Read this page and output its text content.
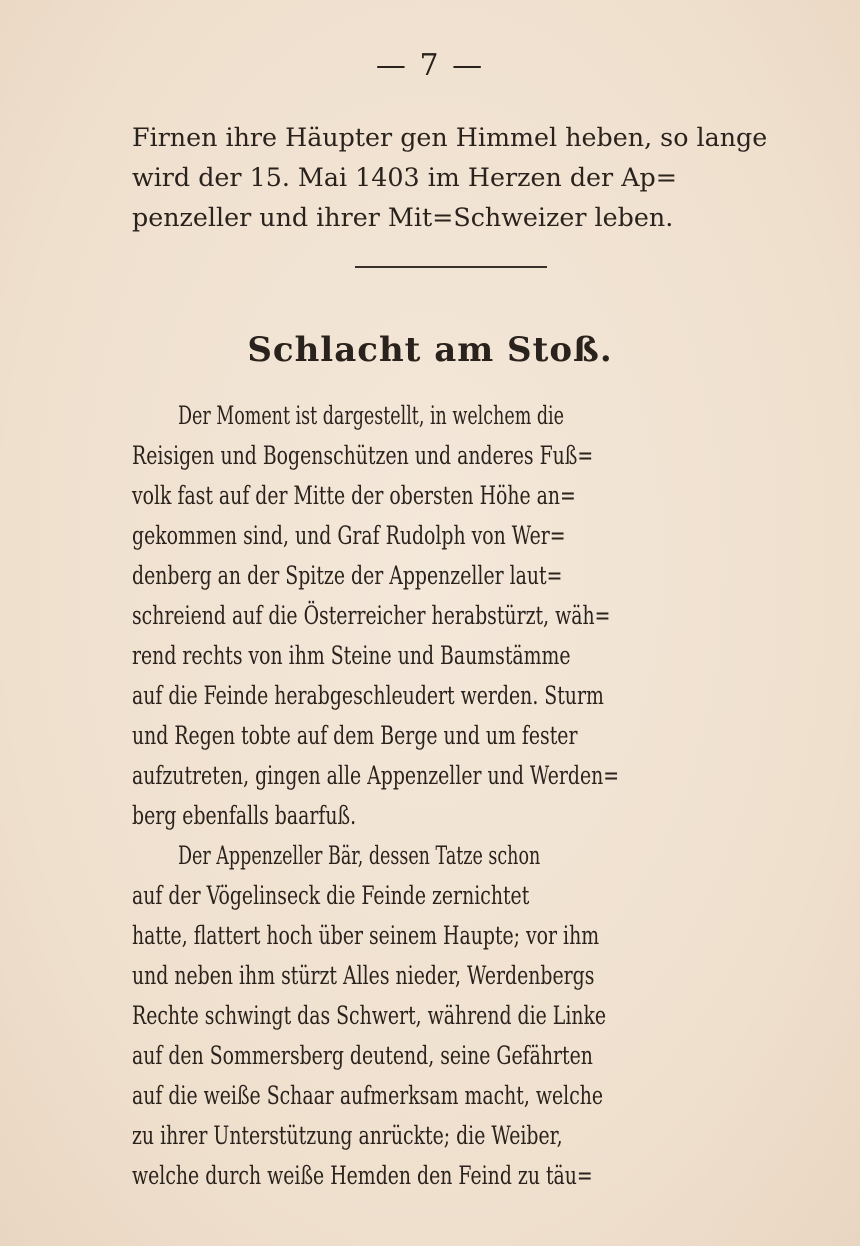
— 7 —
Firnen ihre Häupter gen Himmel heben, so lange
wird der 15. Mai 1403 im Herzen der Ap=
penzeller und ihrer Mit=Schweizer leben.
Schlacht am Stoß.
Der Moment ist dargestellt, in welchem die
Reisigen und Bogenschützen und anderes Fuß=
volk fast auf der Mitte der obersten Höhe an=
gekommen sind, und Graf Rudolph von Wer=
denberg an der Spitze der Appenzeller laut=
schreiend auf die Österreicher herabstürzt, wäh=
rend rechts von ihm Steine und Baumstämme
auf die Feinde herabgeschleudert werden. Sturm
und Regen tobte auf dem Berge und um fester
aufzutreten, gingen alle Appenzeller und Werden=
berg ebenfalls baarfuß.
Der Appenzeller Bär, dessen Tatze schon
auf der Vögelinseck die Feinde zernichtet
hatte, flattert hoch über seinem Haupte; vor ihm
und neben ihm stürzt Alles nieder, Werdenbergs
Rechte schwingt das Schwert, während die Linke
auf den Sommersberg deutend, seine Gefährten
auf die weiße Schaar aufmerksam macht, welche
zu ihrer Unterstützung anrückte; die Weiber,
welche durch weiße Hemden den Feind zu täu=
